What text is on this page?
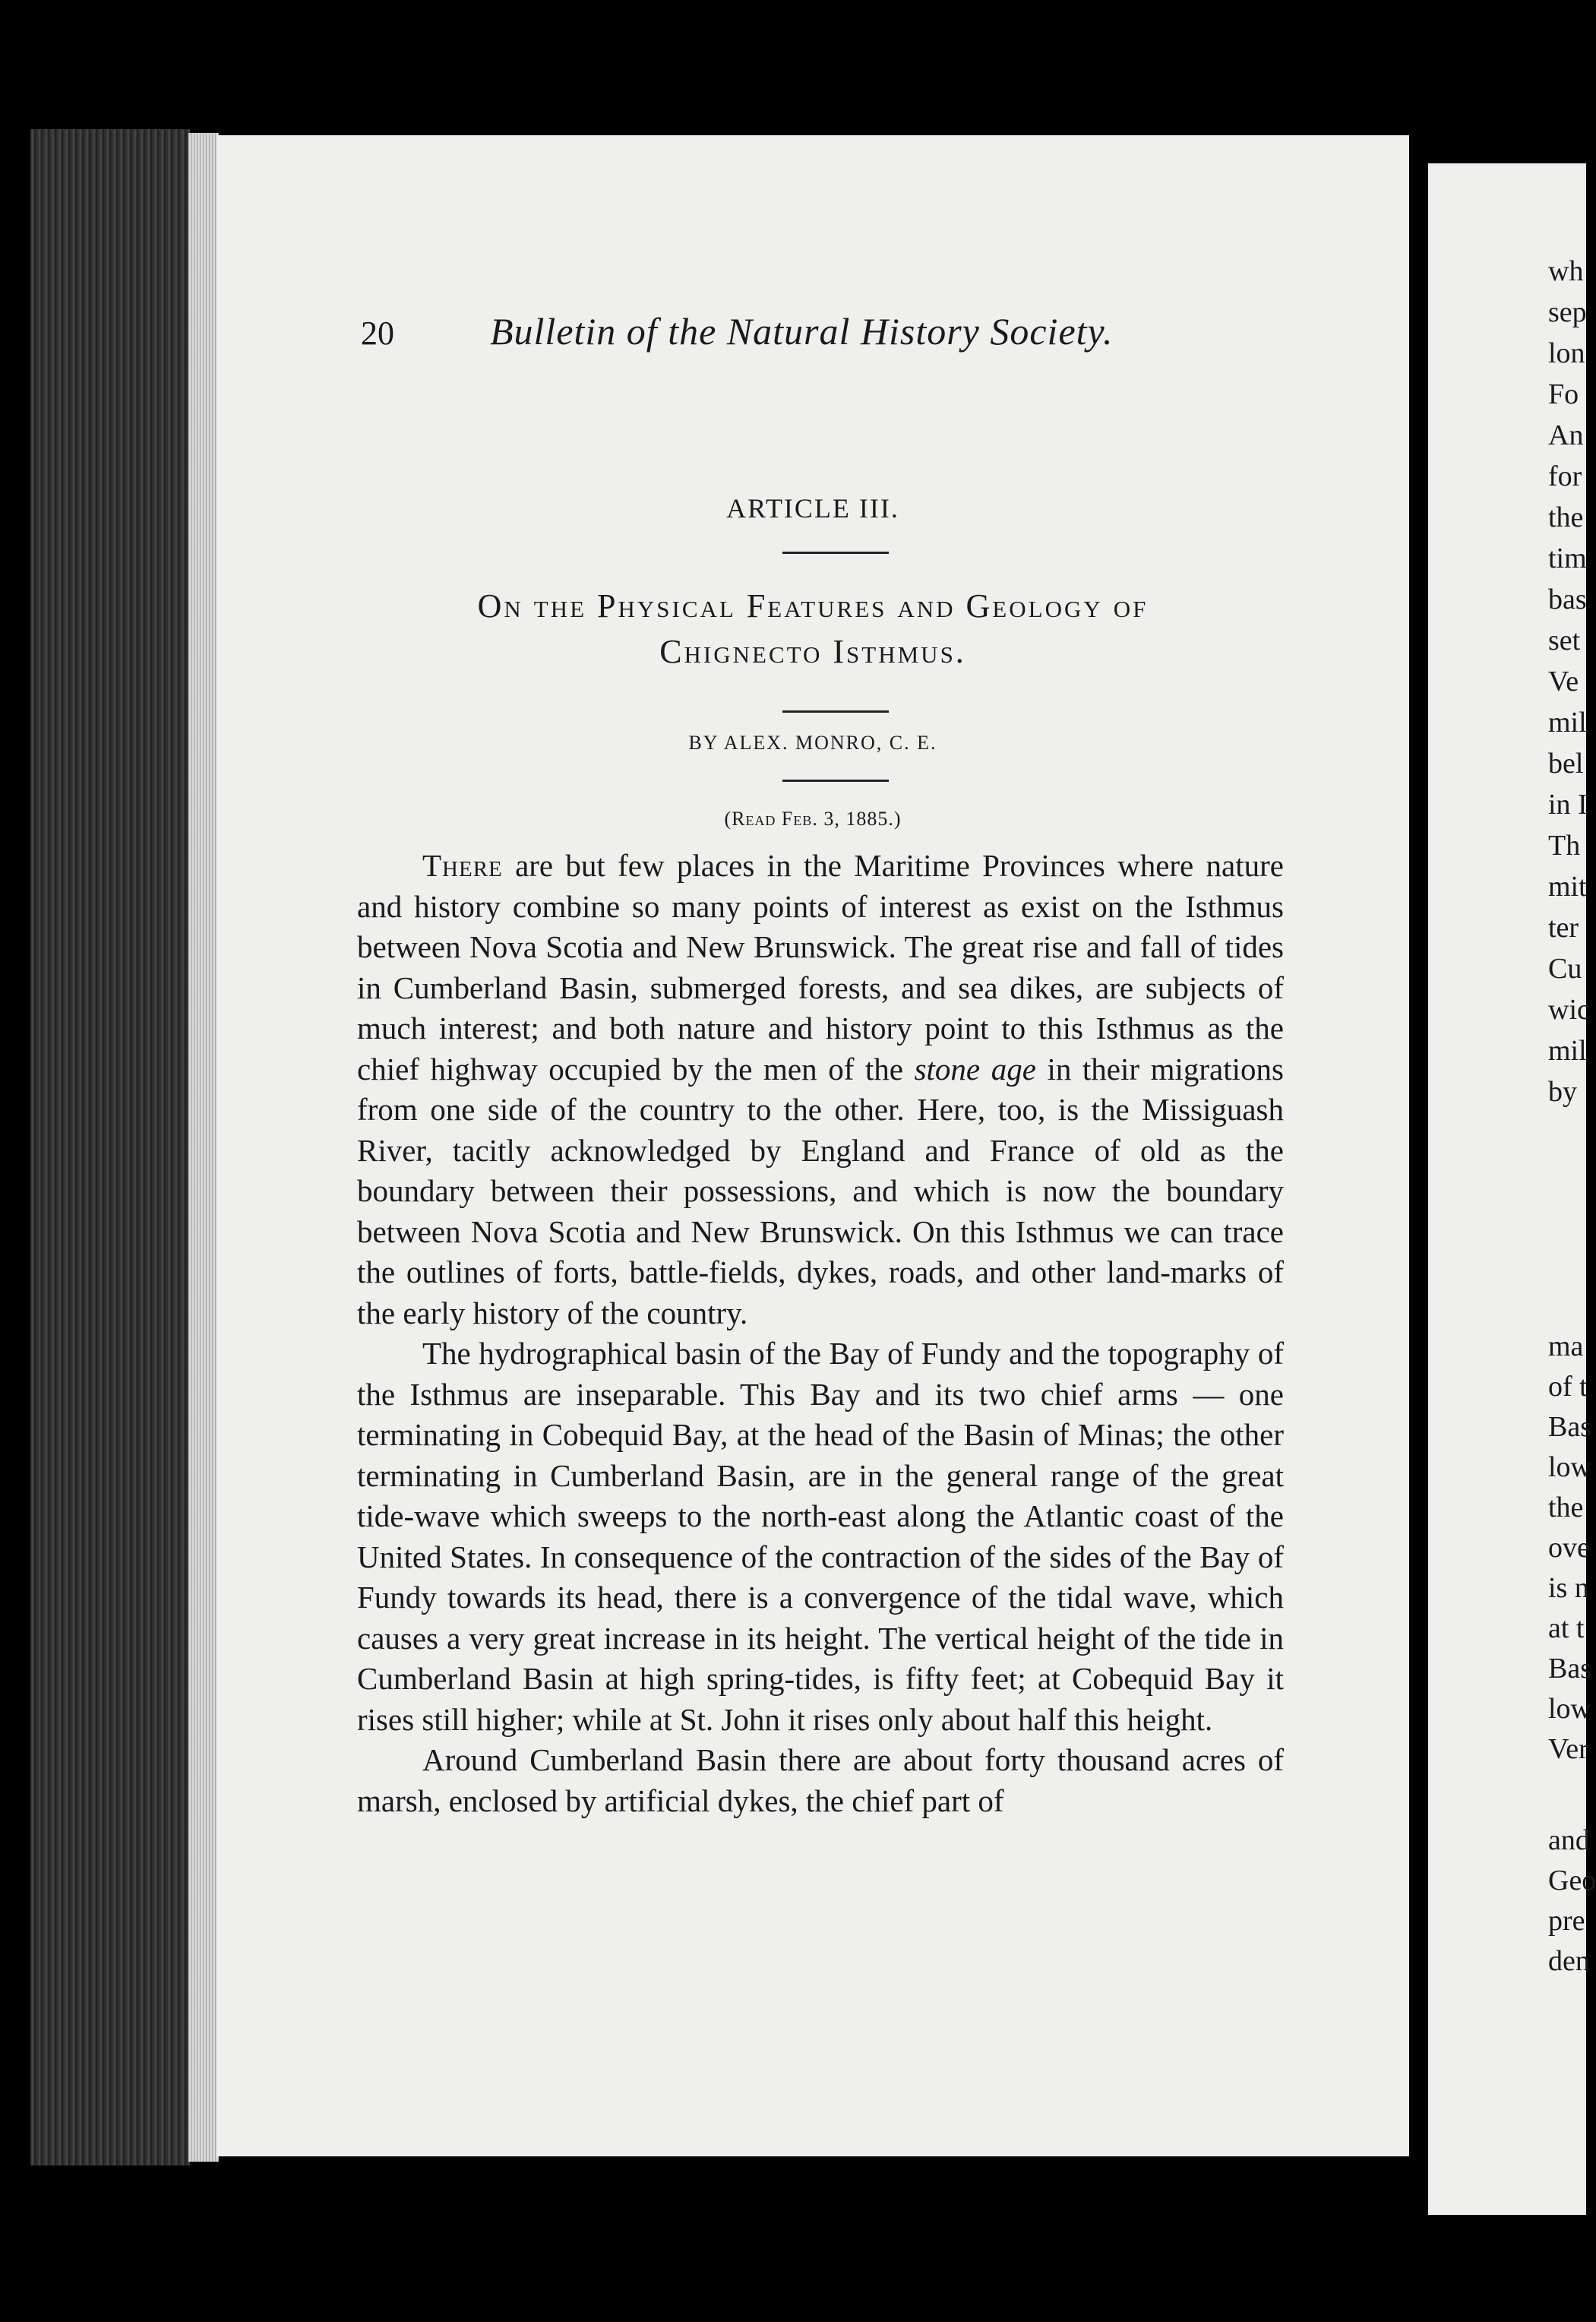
20	Bulletin of the Natural History Society.

ARTICLE III.

On the Physical Features and Geology of
Chignecto Isthmus.

BY ALEX. MONRO, C. E.

(Read Feb. 3, 1885.)

There are but few places in the Maritime Provinces where nature and history combine so many points of interest as exist on the Isthmus between Nova Scotia and New Brunswick. The great rise and fall of tides in Cumberland Basin, submerged forests, and sea dikes, are subjects of much interest; and both nature and history point to this Isthmus as the chief highway occupied by the men of the stone age in their migrations from one side of the country to the other. Here, too, is the Missiguash River, tacitly acknowledged by England and France of old as the boundary between their possessions, and which is now the boundary between Nova Scotia and New Brunswick. On this Isthmus we can trace the outlines of forts, battle-fields, dykes, roads, and other land-marks of the early history of the country.

The hydrographical basin of the Bay of Fundy and the topography of the Isthmus are inseparable. This Bay and its two chief arms — one terminating in Cobequid Bay, at the head of the Basin of Minas; the other terminating in Cumberland Basin, are in the general range of the great tide-wave which sweeps to the north-east along the Atlantic coast of the United States. In consequence of the contraction of the sides of the Bay of Fundy towards its head, there is a convergence of the tidal wave, which causes a very great increase in its height. The vertical height of the tide in Cumberland Basin at high spring-tides, is fifty feet; at Cobequid Bay it rises still higher; while at St. John it rises only about half this height.

Around Cumberland Basin there are about forty thousand acres of marsh, enclosed by artificial dykes, the chief part of

wh

sep

lon

Fo

An

for

the

tim

bas

set

Ve

mil

bel

in I

Th

mit

ter

Cu

wic

mil

by

ma

of t

Bas

low

the

ove

is n

at t

Bas

low

Ver

and

Geo

pre

den
